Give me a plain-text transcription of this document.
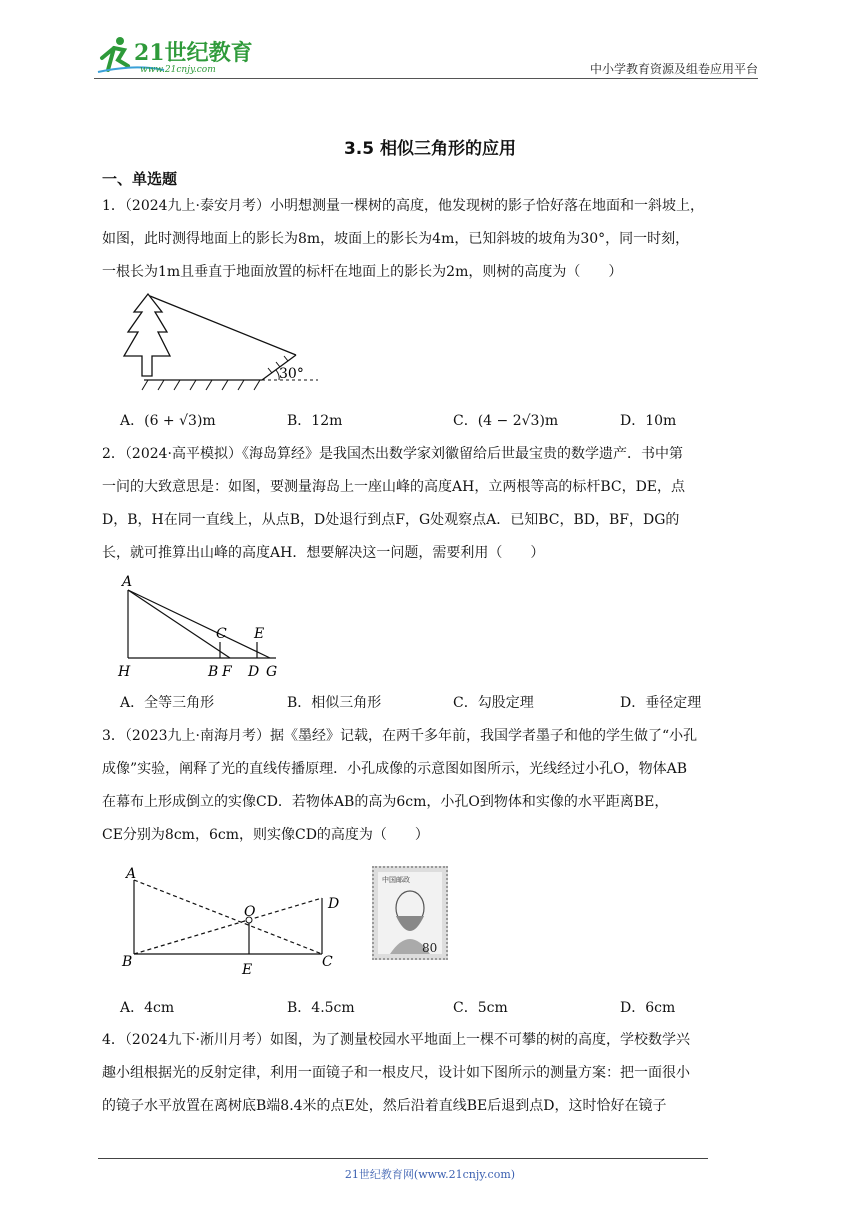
21世纪教育
www.21cnjy.com	中小学教育资源及组卷应用平台
3.5 相似三角形的应用
一、单选题
1．（2024九上·泰安月考）小明想测量一棵树的高度，他发现树的影子恰好落在地面和一斜坡上，
如图，此时测得地面上的影长为8m，坡面上的影长为4m，已知斜坡的坡角为30°，同一时刻，
一根长为1m且垂直于地面放置的标杆在地面上的影长为2m，则树的高度为（　　）
30°
A．(6 + √3)m	B．12m	C．(4 − 2√3)m	D．10m
2．（2024·高平模拟）《海岛算经》是我国杰出数学家刘徽留给后世最宝贵的数学遗产．书中第
一问的大致意思是：如图，要测量海岛上一座山峰的高度AH，立两根等高的标杆BC，DE，点
D，B，H在同一直线上，从点B，D处退行到点F，G处观察点A．已知BC，BD，BF，DG的
长，就可推算出山峰的高度AH．想要解决这一问题，需要利用（　　）
A
H
C E
B F D G
A．全等三角形	B．相似三角形	C．勾股定理	D．垂径定理
3．（2023九上·南海月考）据《墨经》记载，在两千多年前，我国学者墨子和他的学生做了“小孔
成像”实验，阐释了光的直线传播原理．小孔成像的示意图如图所示，光线经过小孔O，物体AB
在幕布上形成倒立的实像CD．若物体AB的高为6cm，小孔O到物体和实像的水平距离BE，
CE分别为8cm，6cm，则实像CD的高度为（　　）
A
B
O
E	C
D
中国邮政
80
A．4cm	B．4.5cm	C．5cm	D．6cm
4．（2024九下·淅川月考）如图，为了测量校园水平地面上一棵不可攀的树的高度，学校数学兴
趣小组根据光的反射定律，利用一面镜子和一根皮尺，设计如下图所示的测量方案：把一面很小
的镜子水平放置在离树底B端8.4米的点E处，然后沿着直线BE后退到点D，这时恰好在镜子
21世纪教育网(www.21cnjy.com)
